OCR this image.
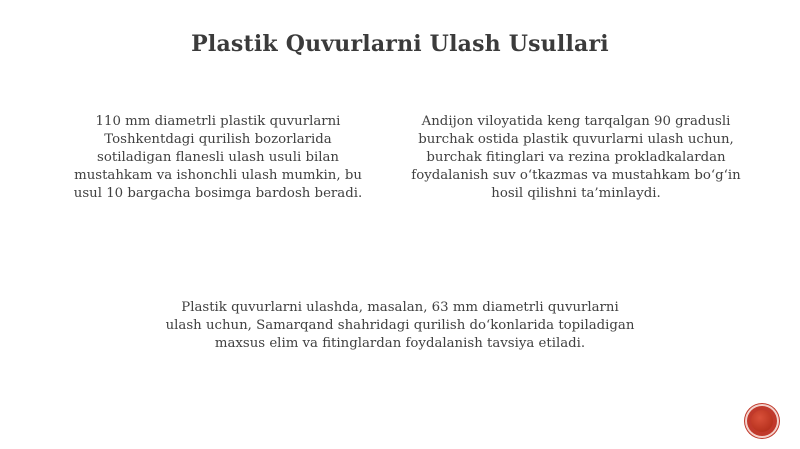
Plastik Quvurlarni Ulash Usullari

110 mm diametrli plastik quvurlarni
Toshkentdagi qurilish bozorlarida
sotiladigan flanesli ulash usuli bilan
mustahkam va ishonchli ulash mumkin, bu
usul 10 bargacha bosimga bardosh beradi.

Andijon viloyatida keng tarqalgan 90 gradusli
burchak ostida plastik quvurlarni ulash uchun,
burchak fitinglari va rezina prokladkalardan
foydalanish suv o‘tkazmas va mustahkam bo‘g‘in
hosil qilishni ta’minlaydi.

Plastik quvurlarni ulashda, masalan, 63 mm diametrli quvurlarni
ulash uchun, Samarqand shahridagi qurilish do‘konlarida topiladigan
maxsus elim va fitinglardan foydalanish tavsiya etiladi.
